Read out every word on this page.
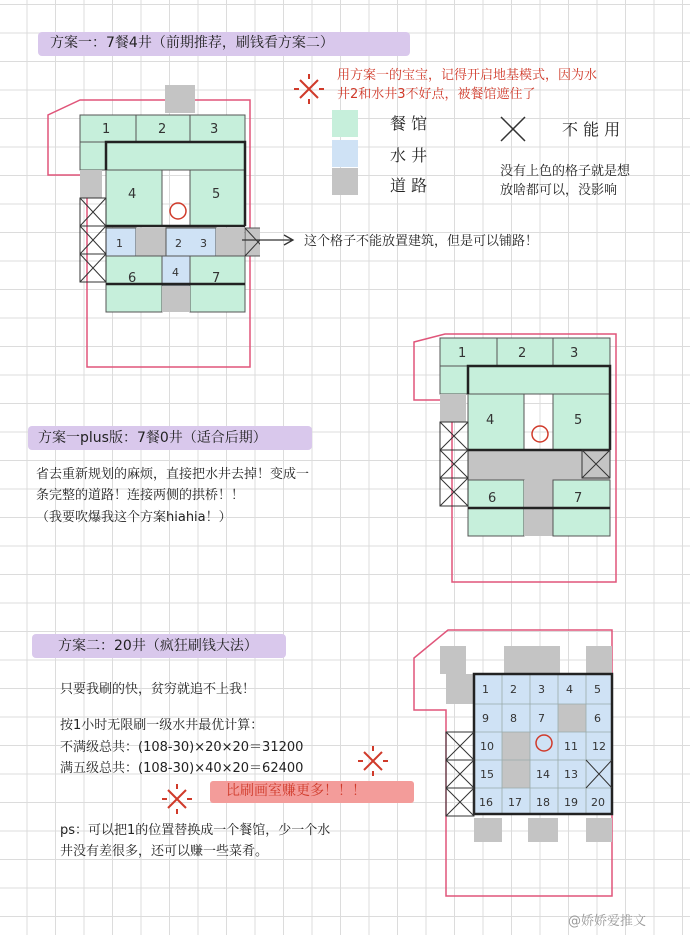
方案一：7餐4井（前期推荐，刷钱看方案二）
1	2	3
4	5
6	7
1	2 3
4
用方案一的宝宝，记得开启地基模式，因为水
井2和水井3不好点，被餐馆遮住了
餐 馆
水 井
道 路
不 能 用
没有上色的格子就是想
放啥都可以，没影响
这个格子不能放置建筑，但是可以铺路！
方案一plus版：7餐0井（适合后期）
省去重新规划的麻烦，直接把水井去掉！变成一
条完整的道路！连接两侧的拱桥！！
（我要吹爆我这个方案hiahia！）
1	2	3
4	5
6	7
方案二：20井（疯狂刷钱大法）
只要我刷的快，贫穷就追不上我！
按1小时无限刷一级水井最优计算：
不满级总共：(108-30)×20×20＝31200
满五级总共：(108-30)×40×20＝62400
比刷画室赚更多！！！
ps：可以把1的位置替换成一个餐馆，少一个水
井没有差很多，还可以赚一些菜肴。
1 2 3 4 5
9 8 7	6
10	11 12
15	14 13
16 17 18 19 20
@娇娇爱推文
